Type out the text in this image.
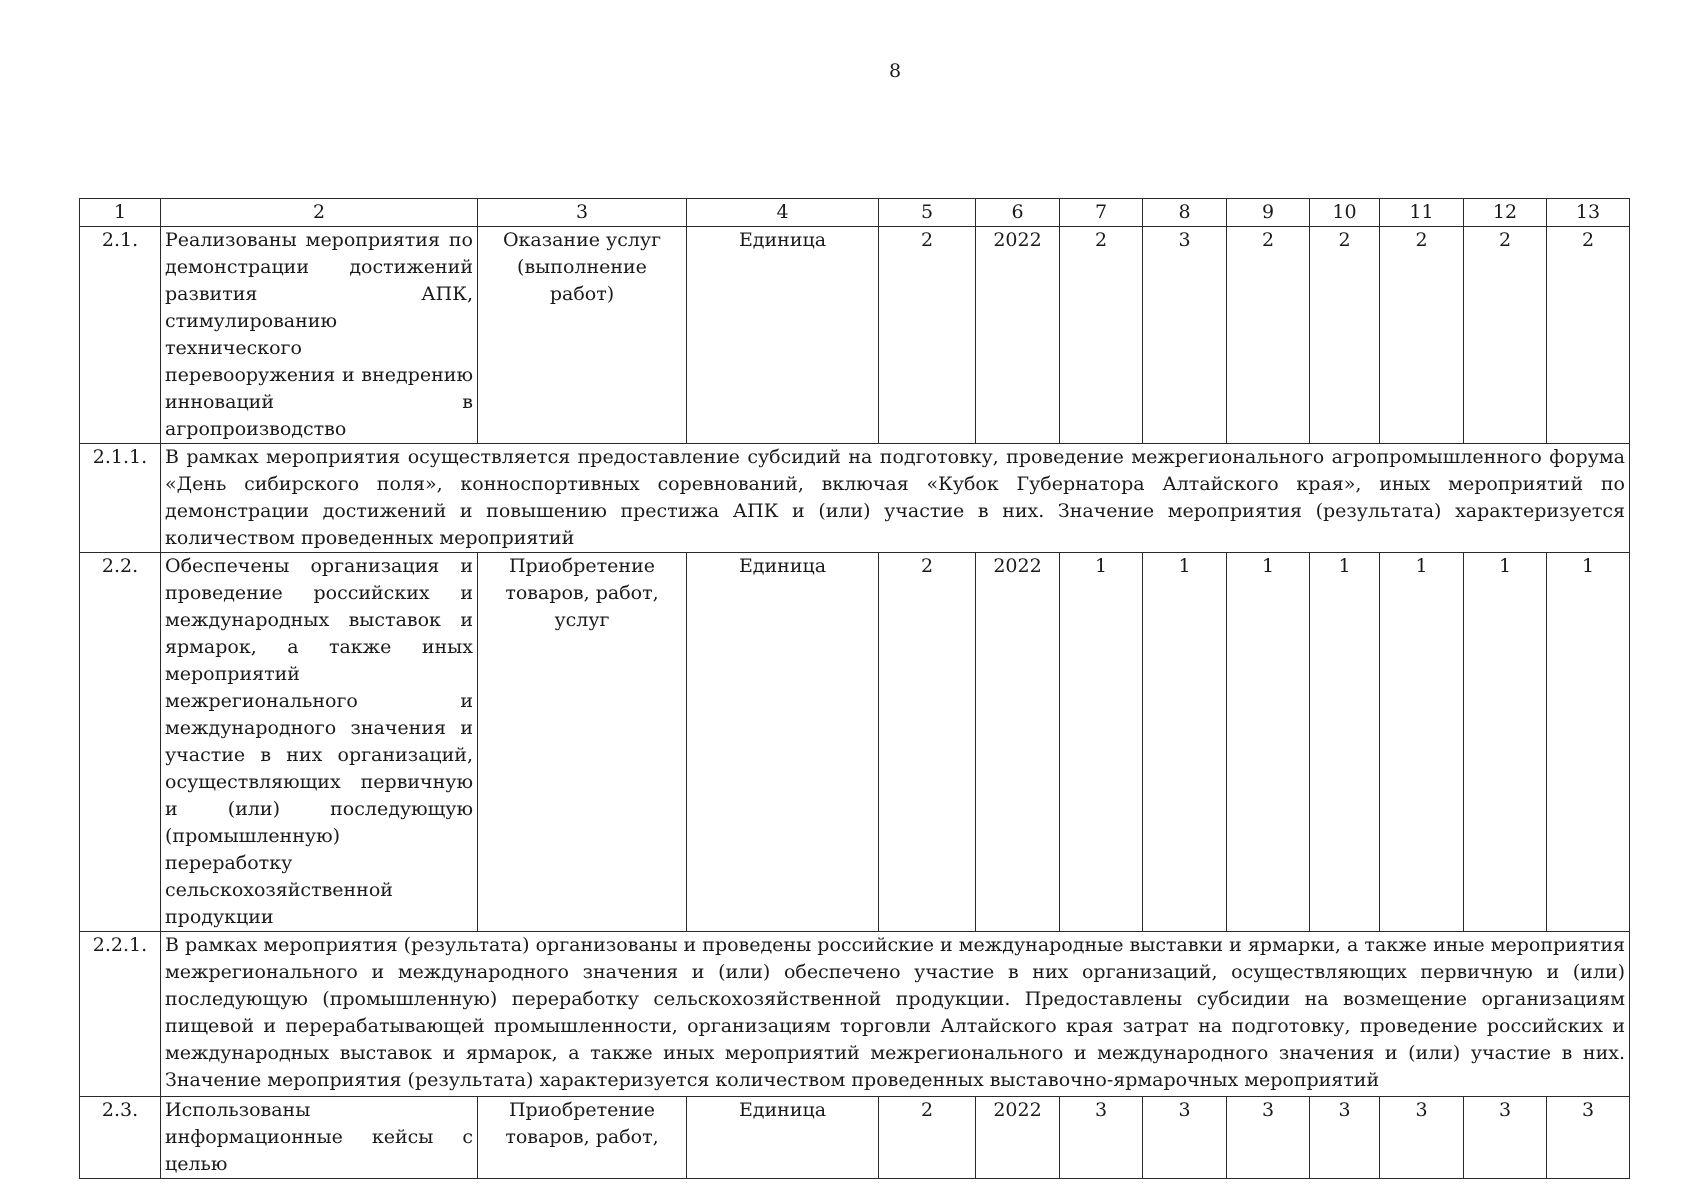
8
1	2	3	4	5	6	7	8	9	10	11	12	13
2.1.	Реализованы мероприятия по демонстрации достижений развития АПК, стимулированию технического перевооружения и внедрению инноваций в агропроизводство	Оказание услуг (выполнение работ)	Единица	2	2022	2	3	2	2	2	2	2
2.1.1.	В рамках мероприятия осуществляется предоставление субсидий на подготовку, проведение межрегионального агропромышленного форума «День сибирского поля», конноспортивных соревнований, включая «Кубок Губернатора Алтайского края», иных мероприятий по демонстрации достижений и повышению престижа АПК и (или) участие в них. Значение мероприятия (результата) характеризуется количеством проведенных мероприятий											
2.2.	Обеспечены организация и проведение российских и международных выставок и ярмарок, а также иных мероприятий межрегионального и международного значения и участие в них организаций, осуществляющих первичную и (или) последующую (промышленную) переработку сельскохозяйственной продукции	Приобретение товаров, работ, услуг	Единица	2	2022	1	1	1	1	1	1	1
2.2.1.	В рамках мероприятия (результата) организованы и проведены российские и международные выставки и ярмарки, а также иные мероприятия межрегионального и международного значения и (или) обеспечено участие в них организаций, осуществляющих первичную и (или) последующую (промышленную) переработку сельскохозяйственной продукции. Предоставлены субсидии на возмещение организациям пищевой и перерабатывающей промышленности, организациям торговли Алтайского края затрат на подготовку, проведение российских и международных выставок и ярмарок, а также иных мероприятий межрегионального и международного значения и (или) участие в них. Значение мероприятия (результата) характеризуется количеством проведенных выставочно-ярмарочных мероприятий											
2.3.	Использованы информационные кейсы с целью	Приобретение товаров, работ,	Единица	2	2022	3	3	3	3	3	3	3
